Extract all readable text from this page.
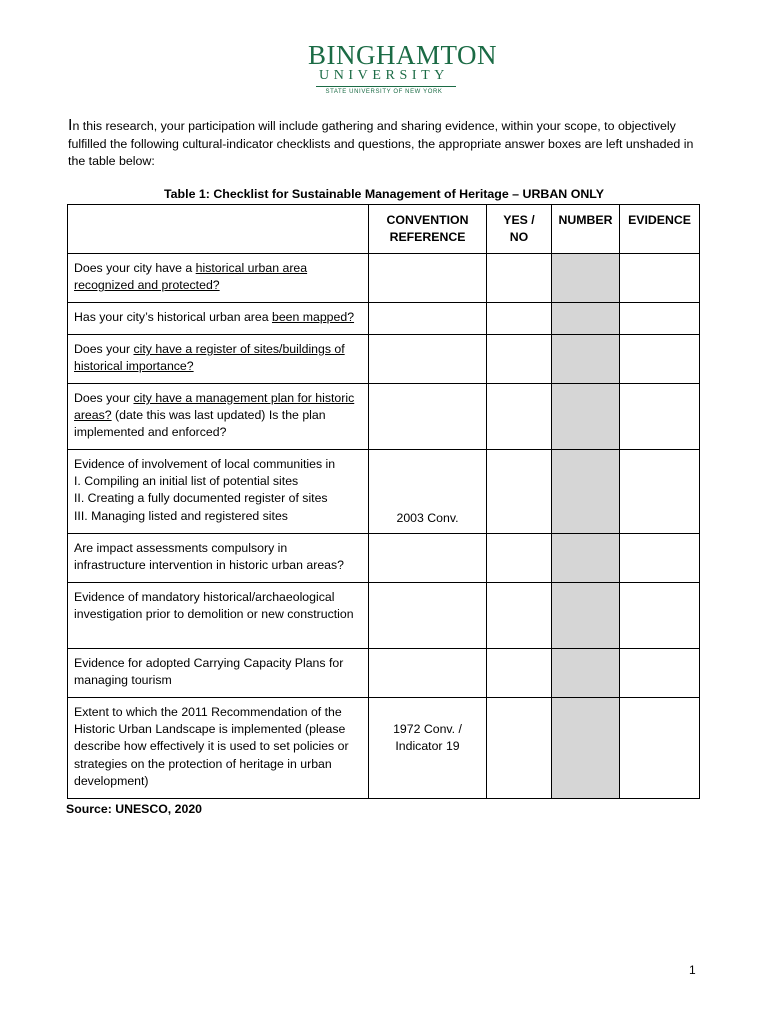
BINGHAMTON
UNIVERSITY
STATE UNIVERSITY OF NEW YORK
In this research, your participation will include gathering and sharing evidence, within your scope, to objectively fulfilled the following cultural-indicator checklists and questions, the appropriate answer boxes are left unshaded in the table below:
Table 1: Checklist for Sustainable Management of Heritage – URBAN ONLY
	CONVENTION REFERENCE	YES / NO	NUMBER	EVIDENCE
Does your city have a historical urban area recognized and protected?				
Has your city’s historical urban area been mapped?				
Does your city have a register of sites/buildings of historical importance?				
Does your city have a management plan for historic areas? (date this was last updated) Is the plan implemented and enforced?				

Evidence of involvement of local communities in
I. Compiling an initial list of potential sites
II. Creating a fully documented register of sites
III. Managing listed and registered sites	2003 Conv.			
Are impact assessments compulsory in infrastructure intervention in historic urban areas?				
Evidence of mandatory historical/archaeological investigation prior to demolition or new construction				
Evidence for adopted Carrying Capacity Plans for managing tourism				
Extent to which the 2011 Recommendation of the Historic Urban Landscape is implemented (please describe how effectively it is used to set policies or strategies on the protection of heritage in urban development)	1972 Conv. /
Indicator 19			

Source: UNESCO, 2020
1
